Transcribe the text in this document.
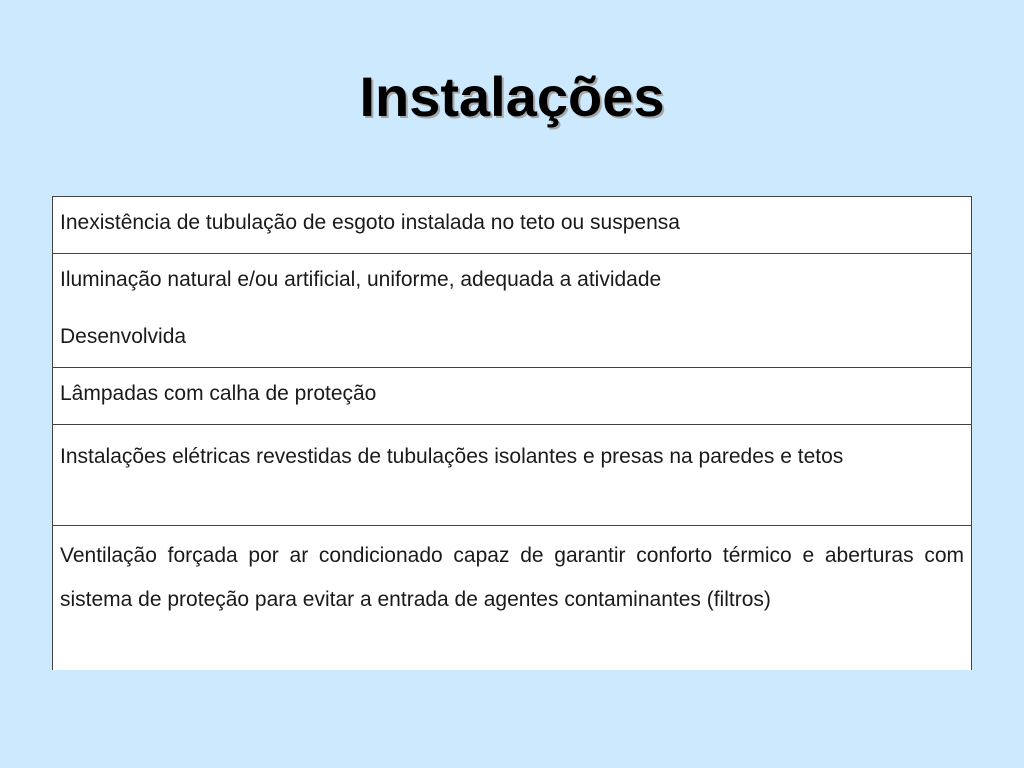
Instalações

Inexistência de tubulação de esgoto instalada no teto ou suspensa

Iluminação natural e/ou artificial, uniforme, adequada a atividade

Desenvolvida

Lâmpadas com calha de proteção

Instalações elétricas revestidas de tubulações isolantes e presas na paredes e tetos

Ventilação forçada por ar condicionado capaz de garantir conforto térmico e aberturas com sistema de proteção para evitar a entrada de agentes contaminantes (filtros)
